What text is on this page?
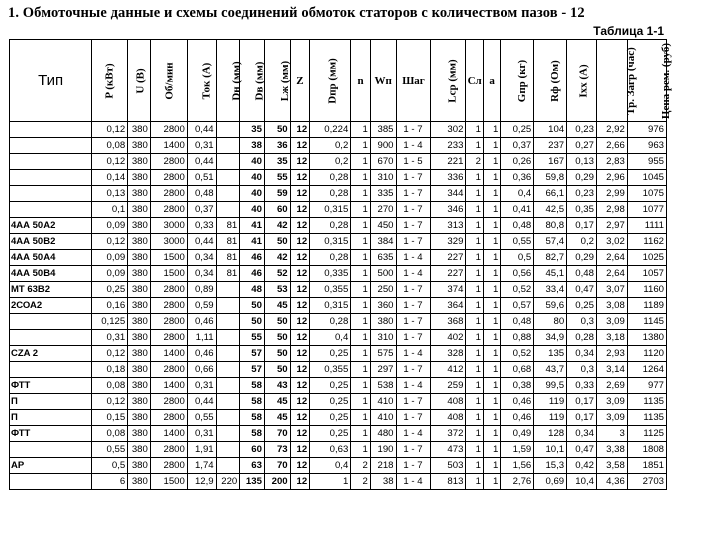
1. Обмоточные данные и схемы соединений обмоток статоров с количеством пазов - 12
Таблица 1-1
Тип	P (кВт)	U (В)	Об/мин	Ток (А)	Dн (мм)	Dв (мм)	Lж (мм)	Z	Dпр (мм)	n	Wп	Шаг	Lср (мм)	Сл	a	Gпр (кг)	Rф (Ом)	Iхх (А)	Тр. Загр (час)	Цена рем. (руб)
	0,12	380	2800	0,44		35	50	12	0,224	1	385	1 - 7	302	1	1	0,25	104	0,23	2,92	976
	0,08	380	1400	0,31		38	36	12	0,2	1	900	1 - 4	233	1	1	0,37	237	0,27	2,66	963
	0,12	380	2800	0,44		40	35	12	0,2	1	670	1 - 5	221	2	1	0,26	167	0,13	2,83	955
	0,14	380	2800	0,51		40	55	12	0,28	1	310	1 - 7	336	1	1	0,36	59,8	0,29	2,96	1045
	0,13	380	2800	0,48		40	59	12	0,28	1	335	1 - 7	344	1	1	0,4	66,1	0,23	2,99	1075
	0,1	380	2800	0,37		40	60	12	0,315	1	270	1 - 7	346	1	1	0,41	42,5	0,35	2,98	1077
4АА 50А2	0,09	380	3000	0,33	81	41	42	12	0,28	1	450	1 - 7	313	1	1	0,48	80,8	0,17	2,97	1111
4АА 50В2	0,12	380	3000	0,44	81	41	50	12	0,315	1	384	1 - 7	329	1	1	0,55	57,4	0,2	3,02	1162
4АА 50А4	0,09	380	1500	0,34	81	46	42	12	0,28	1	635	1 - 4	227	1	1	0,5	82,7	0,29	2,64	1025
4АА 50В4	0,09	380	1500	0,34	81	46	52	12	0,335	1	500	1 - 4	227	1	1	0,56	45,1	0,48	2,64	1057
МТ 63В2	0,25	380	2800	0,89		48	53	12	0,355	1	250	1 - 7	374	1	1	0,52	33,4	0,47	3,07	1160
2СОА2	0,16	380	2800	0,59		50	45	12	0,315	1	360	1 - 7	364	1	1	0,57	59,6	0,25	3,08	1189
	0,125	380	2800	0,46		50	50	12	0,28	1	380	1 - 7	368	1	1	0,48	80	0,3	3,09	1145
	0,31	380	2800	1,11		55	50	12	0,4	1	310	1 - 7	402	1	1	0,88	34,9	0,28	3,18	1380
CZA 2	0,12	380	1400	0,46		57	50	12	0,25	1	575	1 - 4	328	1	1	0,52	135	0,34	2,93	1120
	0,18	380	2800	0,66		57	50	12	0,355	1	297	1 - 7	412	1	1	0,68	43,7	0,3	3,14	1264
ФТТ	0,08	380	1400	0,31		58	43	12	0,25	1	538	1 - 4	259	1	1	0,38	99,5	0,33	2,69	977
П	0,12	380	2800	0,44		58	45	12	0,25	1	410	1 - 7	408	1	1	0,46	119	0,17	3,09	1135
П	0,15	380	2800	0,55		58	45	12	0,25	1	410	1 - 7	408	1	1	0,46	119	0,17	3,09	1135
ФТТ	0,08	380	1400	0,31		58	70	12	0,25	1	480	1 - 4	372	1	1	0,49	128	0,34	3	1125
	0,55	380	2800	1,91		60	73	12	0,63	1	190	1 - 7	473	1	1	1,59	10,1	0,47	3,38	1808
АР	0,5	380	2800	1,74		63	70	12	0,4	2	218	1 - 7	503	1	1	1,56	15,3	0,42	3,58	1851
	6	380	1500	12,9	220	135	200	12	1	2	38	1 - 4	813	1	1	2,76	0,69	10,4	4,36	2703
